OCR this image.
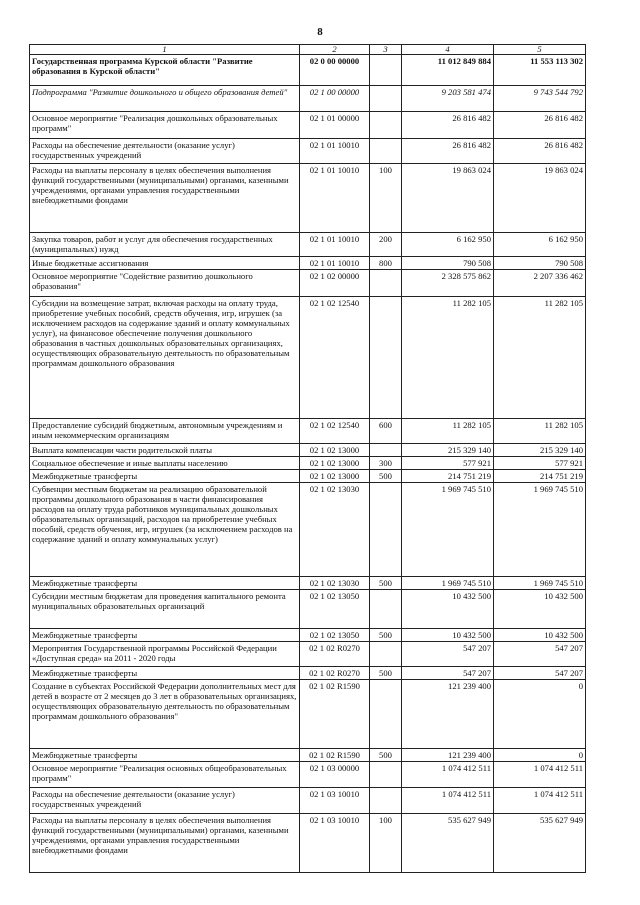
8
1	2	3	4	5
Государственная программа Курской области "Развитие образования в Курской области"	02 0 00 00000		11 012 849 884	11 553 113 302
Подпрограмма "Развитие дошкольного и общего образования детей"	02 1 00 00000		9 203 581 474	9 743 544 792
Основное мероприятие "Реализация дошкольных образовательных программ"	02 1 01 00000		26 816 482	26 816 482
Расходы на обеспечение деятельности (оказание услуг) государственных учреждений	02 1 01 10010		26 816 482	26 816 482
Расходы на выплаты персоналу в целях обеспечения выполнения функций государственными (муниципальными) органами, казенными учреждениями, органами управления государственными внебюджетными фондами	02 1 01 10010	100	19 863 024	19 863 024
Закупка товаров, работ и услуг для обеспечения государственных (муниципальных) нужд	02 1 01 10010	200	6 162 950	6 162 950
Иные бюджетные ассигнования	02 1 01 10010	800	790 508	790 508
Основное мероприятие "Содействие развитию дошкольного образования"	02 1 02 00000		2 328 575 862	2 207 336 462
Субсидии на возмещение затрат, включая расходы на оплату труда, приобретение учебных пособий, средств обучения, игр, игрушек (за исключением расходов на содержание зданий и оплату коммунальных услуг), на финансовое обеспечение получения дошкольного образования в частных дошкольных образовательных организациях, осуществляющих образовательную деятельность по образовательным программам дошкольного образования	02 1 02 12540		11 282 105	11 282 105
Предоставление субсидий бюджетным, автономным учреждениям и иным некоммерческим организациям	02 1 02 12540	600	11 282 105	11 282 105
Выплата компенсации части родительской платы	02 1 02 13000		215 329 140	215 329 140
Социальное обеспечение и иные выплаты населению	02 1 02 13000	300	577 921	577 921
Межбюджетные трансферты	02 1 02 13000	500	214 751 219	214 751 219
Субвенции местным бюджетам на реализацию образовательной программы дошкольного образования в части финансирования расходов на оплату труда работников муниципальных дошкольных образовательных организаций, расходов на приобретение учебных пособий, средств обучения, игр, игрушек (за исключением расходов на содержание зданий и оплату коммунальных услуг)	02 1 02 13030		1 969 745 510	1 969 745 510
Межбюджетные трансферты	02 1 02 13030	500	1 969 745 510	1 969 745 510
Субсидии местным бюджетам для проведения капитального ремонта муниципальных образовательных организаций	02 1 02 13050		10 432 500	10 432 500
Межбюджетные трансферты	02 1 02 13050	500	10 432 500	10 432 500
Мероприятия Государственной программы Российской Федерации «Доступная среда» на 2011 - 2020 годы	02 1 02 R0270		547 207	547 207
Межбюджетные трансферты	02 1 02 R0270	500	547 207	547 207
Создание в субъектах Российской Федерации дополнительных мест для детей в возрасте от 2 месяцев до 3 лет в образовательных организациях, осуществляющих образовательную деятельность по образовательным программам дошкольного образования"	02 1 02 R1590		121 239 400	0
Межбюджетные трансферты	02 1 02 R1590	500	121 239 400	0
Основное мероприятие "Реализация основных общеобразовательных программ"	02 1 03 00000		1 074 412 511	1 074 412 511
Расходы на обеспечение деятельности (оказание услуг) государственных учреждений	02 1 03 10010		1 074 412 511	1 074 412 511
Расходы на выплаты персоналу в целях обеспечения выполнения функций государственными (муниципальными) органами, казенными учреждениями, органами управления государственными внебюджетными фондами	02 1 03 10010	100	535 627 949	535 627 949
